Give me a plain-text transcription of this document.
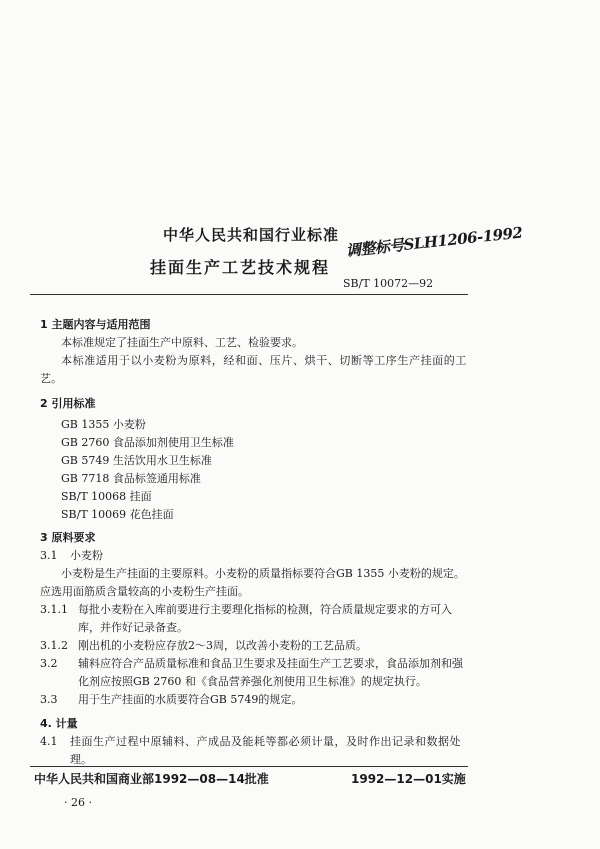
中华人民共和国行业标准 调整标号SLH1206-1992
挂面生产工艺技术规程
SB/T 10072—92
1 主题内容与适用范围
本标准规定了挂面生产中原料、工艺、检验要求。
本标准适用于以小麦粉为原料，经和面、压片、烘干、切断等工序生产挂面的工
艺。
2 引用标准
GB 1355 小麦粉
GB 2760 食品添加剂使用卫生标准
GB 5749 生活饮用水卫生标准
GB 7718 食品标签通用标准
SB/T 10068 挂面
SB/T 10069 花色挂面
3 原料要求
3.1 小麦粉
小麦粉是生产挂面的主要原料。小麦粉的质量指标要符合GB 1355 小麦粉的规定。
应选用面筋质含量较高的小麦粉生产挂面。
3.1.1 每批小麦粉在入库前要进行主要理化指标的检测，符合质量规定要求的方可入
库，并作好记录备查。
3.1.2 刚出机的小麦粉应存放2～3周，以改善小麦粉的工艺品质。
3.2 辅料应符合产品质量标准和食品卫生要求及挂面生产工艺要求，食品添加剂和强
化剂应按照GB 2760 和《食品营养强化剂使用卫生标准》的规定执行。
3.3 用于生产挂面的水质要符合GB 5749的规定。
4. 计量
4.1 挂面生产过程中原辅料、产成品及能耗等都必须计量，及时作出记录和数据处
理。
中华人民共和国商业部1992—08—14批准	1992—12—01实施
· 26 ·
